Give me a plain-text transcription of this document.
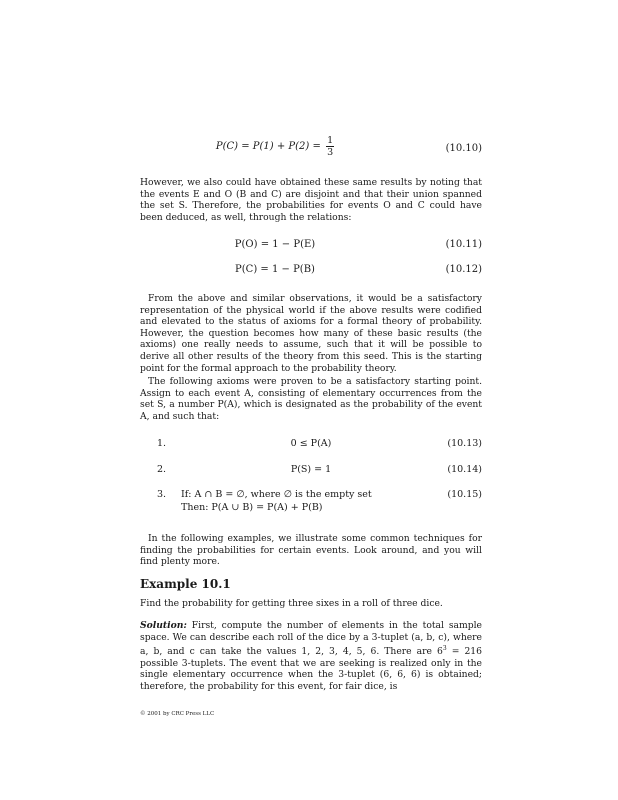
$P(C) = P(1) + P(2) = \frac{1}{3}$	(10.10)

However, we also could have obtained these same results by noting that the events E and O (B and C) are disjoint and that their union spanned the set S. Therefore, the probabilities for events O and C could have been deduced, as well, through the relations:

P(O) = 1 − P(E)	(10.11)
P(C) = 1 − P(B)	(10.12)

From the above and similar observations, it would be a satisfactory representation of the physical world if the above results were codified and elevated to the status of axioms for a formal theory of probability. However, the question becomes how many of these basic results (the axioms) one really needs to assume, such that it will be possible to derive all other results of the theory from this seed. This is the starting point for the formal approach to the probability theory.

The following axioms were proven to be a satisfactory starting point. Assign to each event A, consisting of elementary occurrences from the set S, a number P(A), which is designated as the probability of the event A, and such that:

1.	0 ≤ P(A)	(10.13)
2.	P(S) = 1	(10.14)
3. If: A ∩ B = ∅, where ∅ is the empty set
Then: P(A ∪ B) = P(A) + P(B)
(10.15)

In the following examples, we illustrate some common techniques for finding the probabilities for certain events. Look around, and you will find plenty more.

Example 10.1

Find the probability for getting three sixes in a roll of three dice.

Solution: First, compute the number of elements in the total sample space. We can describe each roll of the dice by a 3-tuplet (a, b, c), where a, b, and c can take the values 1, 2, 3, 4, 5, 6. There are $6^3 = 216$ possible 3-tuplets. The event that we are seeking is realized only in the single elementary occurrence when the 3-tuplet (6, 6, 6) is obtained; therefore, the probability for this event, for fair dice, is

© 2001 by CRC Press LLC
